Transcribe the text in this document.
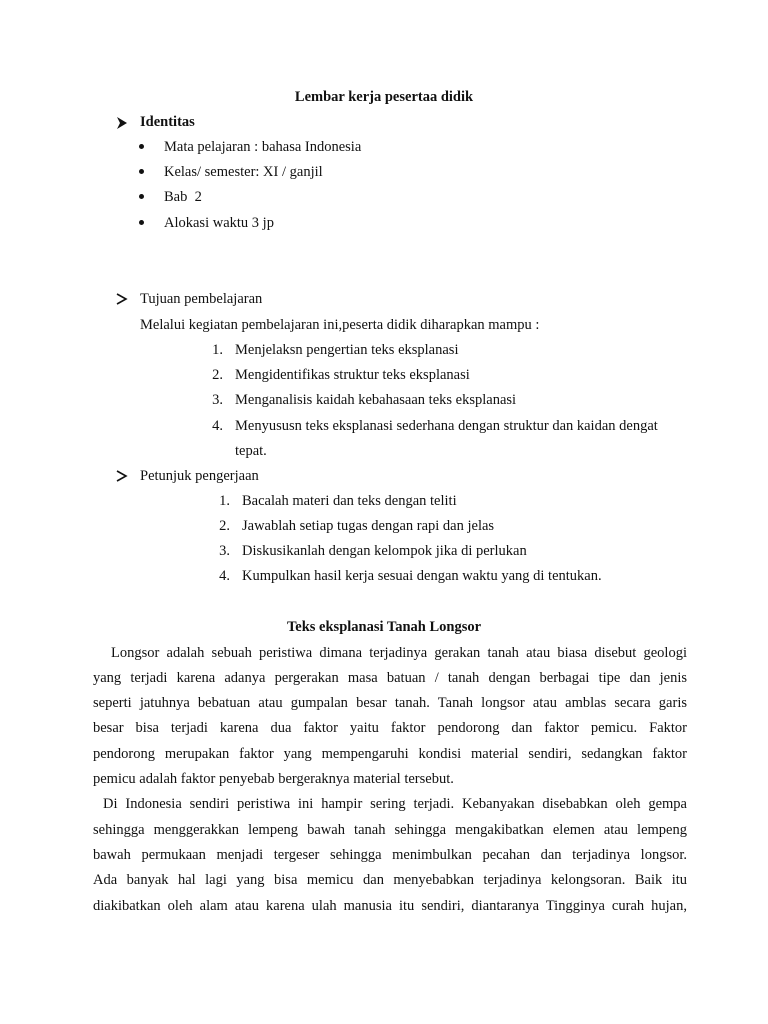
Lembar kerja pesertaa didik
Identitas
Mata pelajaran : bahasa Indonesia
Kelas/ semester: XI / ganjil
Bab  2
Alokasi waktu 3 jp
Tujuan pembelajaran
Melalui kegiatan pembelajaran ini,peserta didik diharapkan mampu :
1. Menjelaksn pengertian teks eksplanasi
2. Mengidentifikas struktur teks eksplanasi
3. Menganalisis kaidah kebahasaan teks eksplanasi
4. Menyususn teks eksplanasi sederhana dengan struktur dan kaidan dengat
tepat.
Petunjuk pengerjaan
1. Bacalah materi dan teks dengan teliti
2. Jawablah setiap tugas dengan rapi dan jelas
3. Diskusikanlah dengan kelompok jika di perlukan
4. Kumpulkan hasil kerja sesuai dengan waktu yang di tentukan.
Teks eksplanasi Tanah Longsor
Longsor adalah sebuah peristiwa dimana terjadinya gerakan tanah atau biasa disebut geologi
yang terjadi karena adanya pergerakan masa batuan / tanah dengan berbagai tipe dan jenis
seperti jatuhnya bebatuan atau gumpalan besar tanah. Tanah longsor atau amblas secara garis
besar bisa terjadi karena dua faktor yaitu faktor pendorong dan faktor pemicu. Faktor
pendorong merupakan faktor yang mempengaruhi kondisi material sendiri, sedangkan faktor
pemicu adalah faktor penyebab bergeraknya material tersebut.
Di Indonesia sendiri peristiwa ini hampir sering terjadi. Kebanyakan disebabkan oleh gempa
sehingga menggerakkan lempeng bawah tanah sehingga mengakibatkan elemen atau lempeng
bawah permukaan menjadi tergeser sehingga menimbulkan pecahan dan terjadinya longsor.
Ada banyak hal lagi yang bisa memicu dan menyebabkan terjadinya kelongsoran. Baik itu
diakibatkan oleh alam atau karena ulah manusia itu sendiri, diantaranya Tingginya curah hujan,
